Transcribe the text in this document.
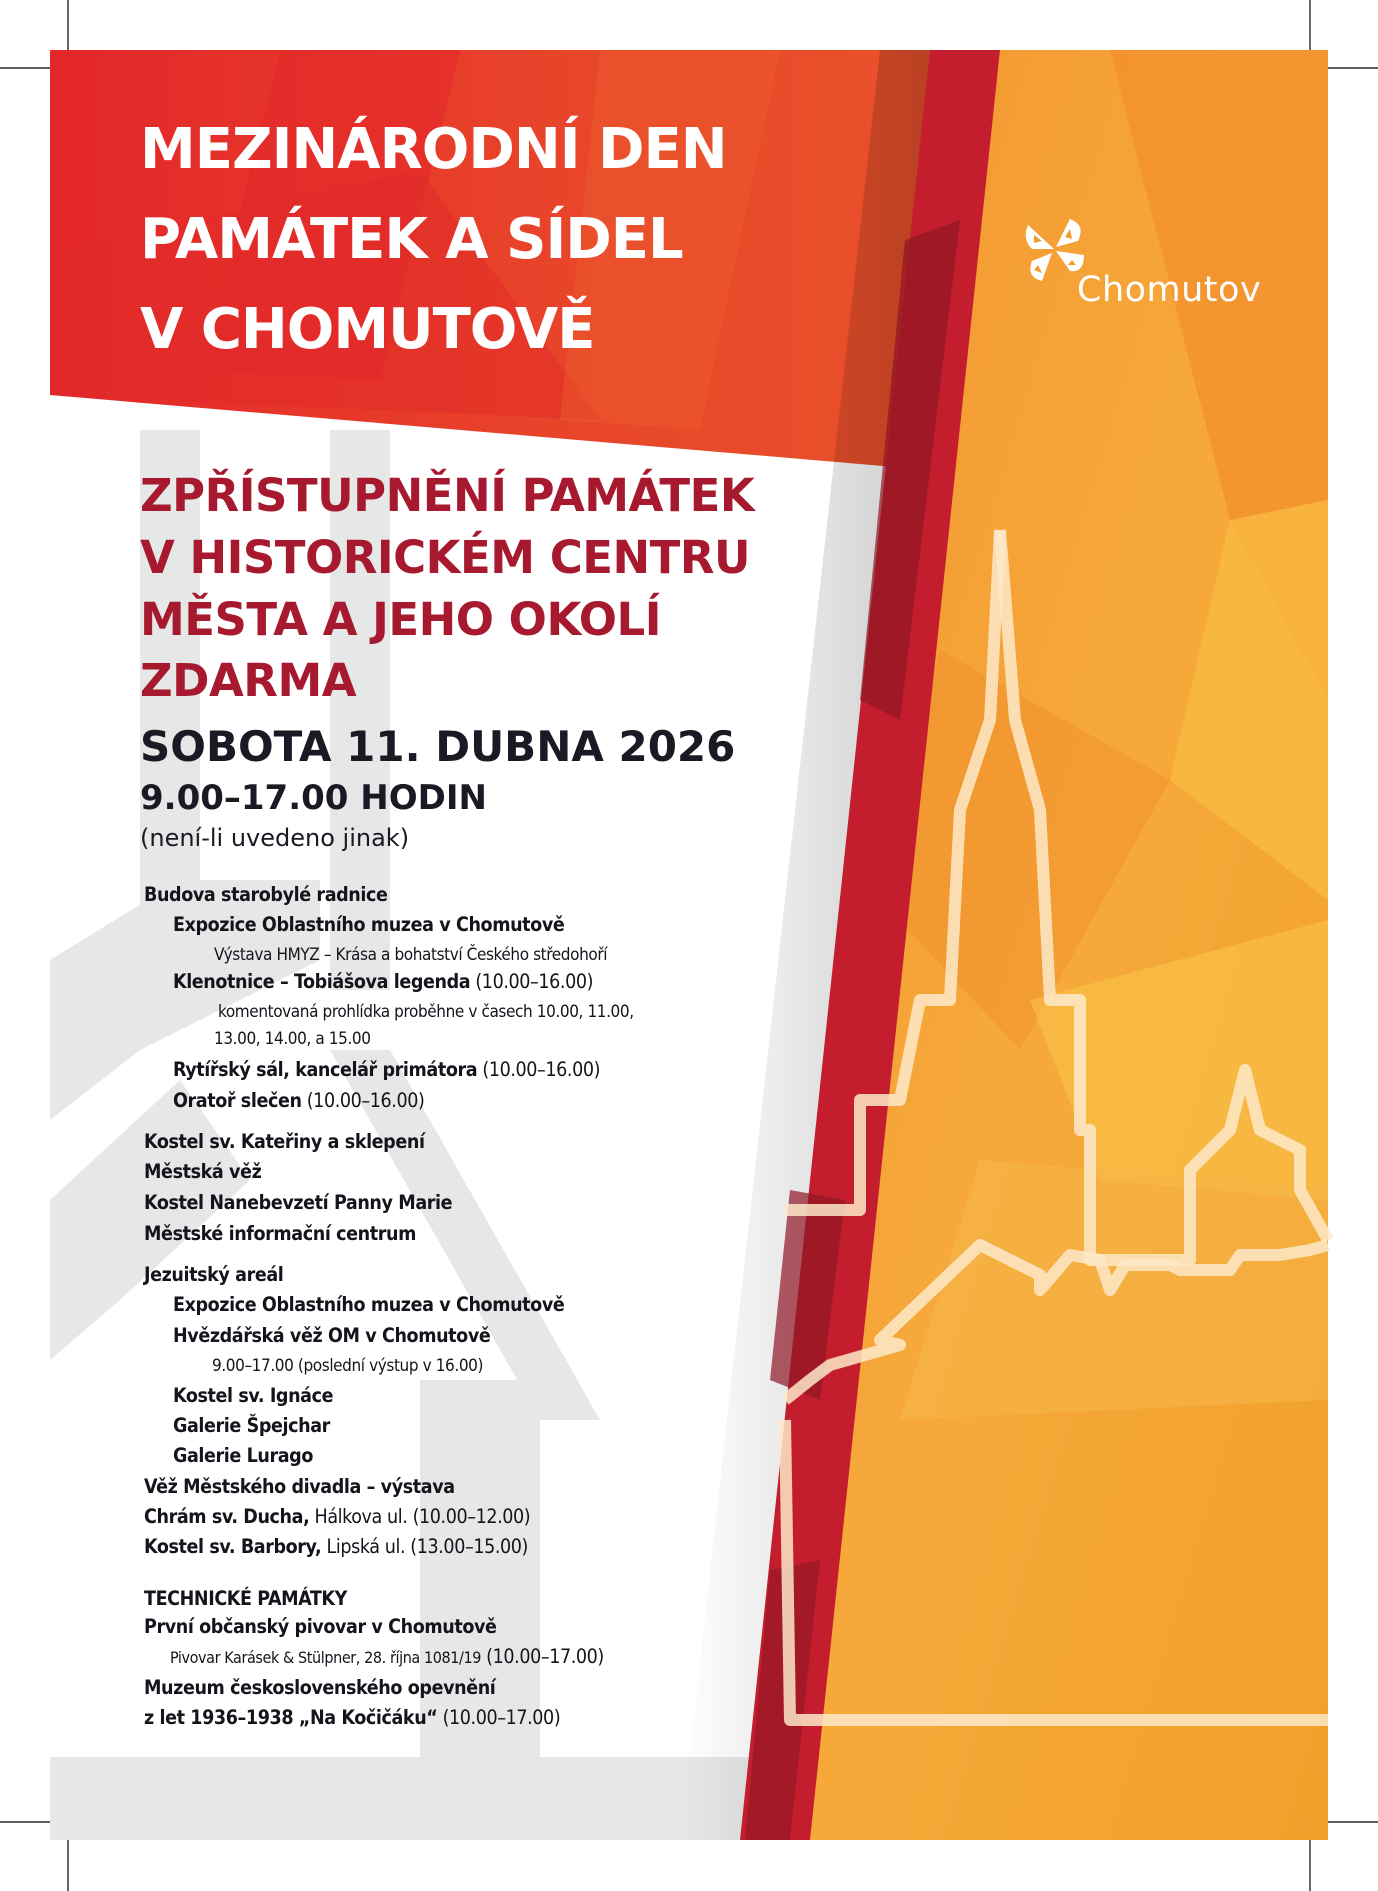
MEZINÁRODNÍ DEN
PAMÁTEK A SÍDEL
V CHOMUTOVĚ
Chomutov
ZPŘÍSTUPNĚNÍ PAMÁTEK
V HISTORICKÉM CENTRU
MĚSTA A JEHO OKOLÍ
ZDARMA
SOBOTA 11. DUBNA 2026
9.00–17.00 HODIN
(není-li uvedeno jinak)
Budova starobylé radnice
Expozice Oblastního muzea v Chomutově
Výstava HMYZ – Krása a bohatství Českého středohoří
Klenotnice – Tobiášova legenda (10.00–16.00)
komentovaná prohlídka proběhne v časech 10.00, 11.00,
13.00, 14.00, a 15.00
Rytířský sál, kancelář primátora (10.00–16.00)
Oratoř slečen (10.00–16.00)
Kostel sv. Kateřiny a sklepení
Městská věž
Kostel Nanebevzetí Panny Marie
Městské informační centrum
Jezuitský areál
Expozice Oblastního muzea v Chomutově
Hvězdářská věž OM v Chomutově
9.00–17.00 (poslední výstup v 16.00)
Kostel sv. Ignáce
Galerie Špejchar
Galerie Lurago
Věž Městského divadla – výstava
Chrám sv. Ducha, Hálkova ul. (10.00–12.00)
Kostel sv. Barbory, Lipská ul. (13.00–15.00)
TECHNICKÉ PAMÁTKY
První občanský pivovar v Chomutově
Pivovar Karásek & Stülpner, 28. října 1081/19 (10.00–17.00)
Muzeum československého opevnění
z let 1936–1938 „Na Kočičáku“ (10.00–17.00)
